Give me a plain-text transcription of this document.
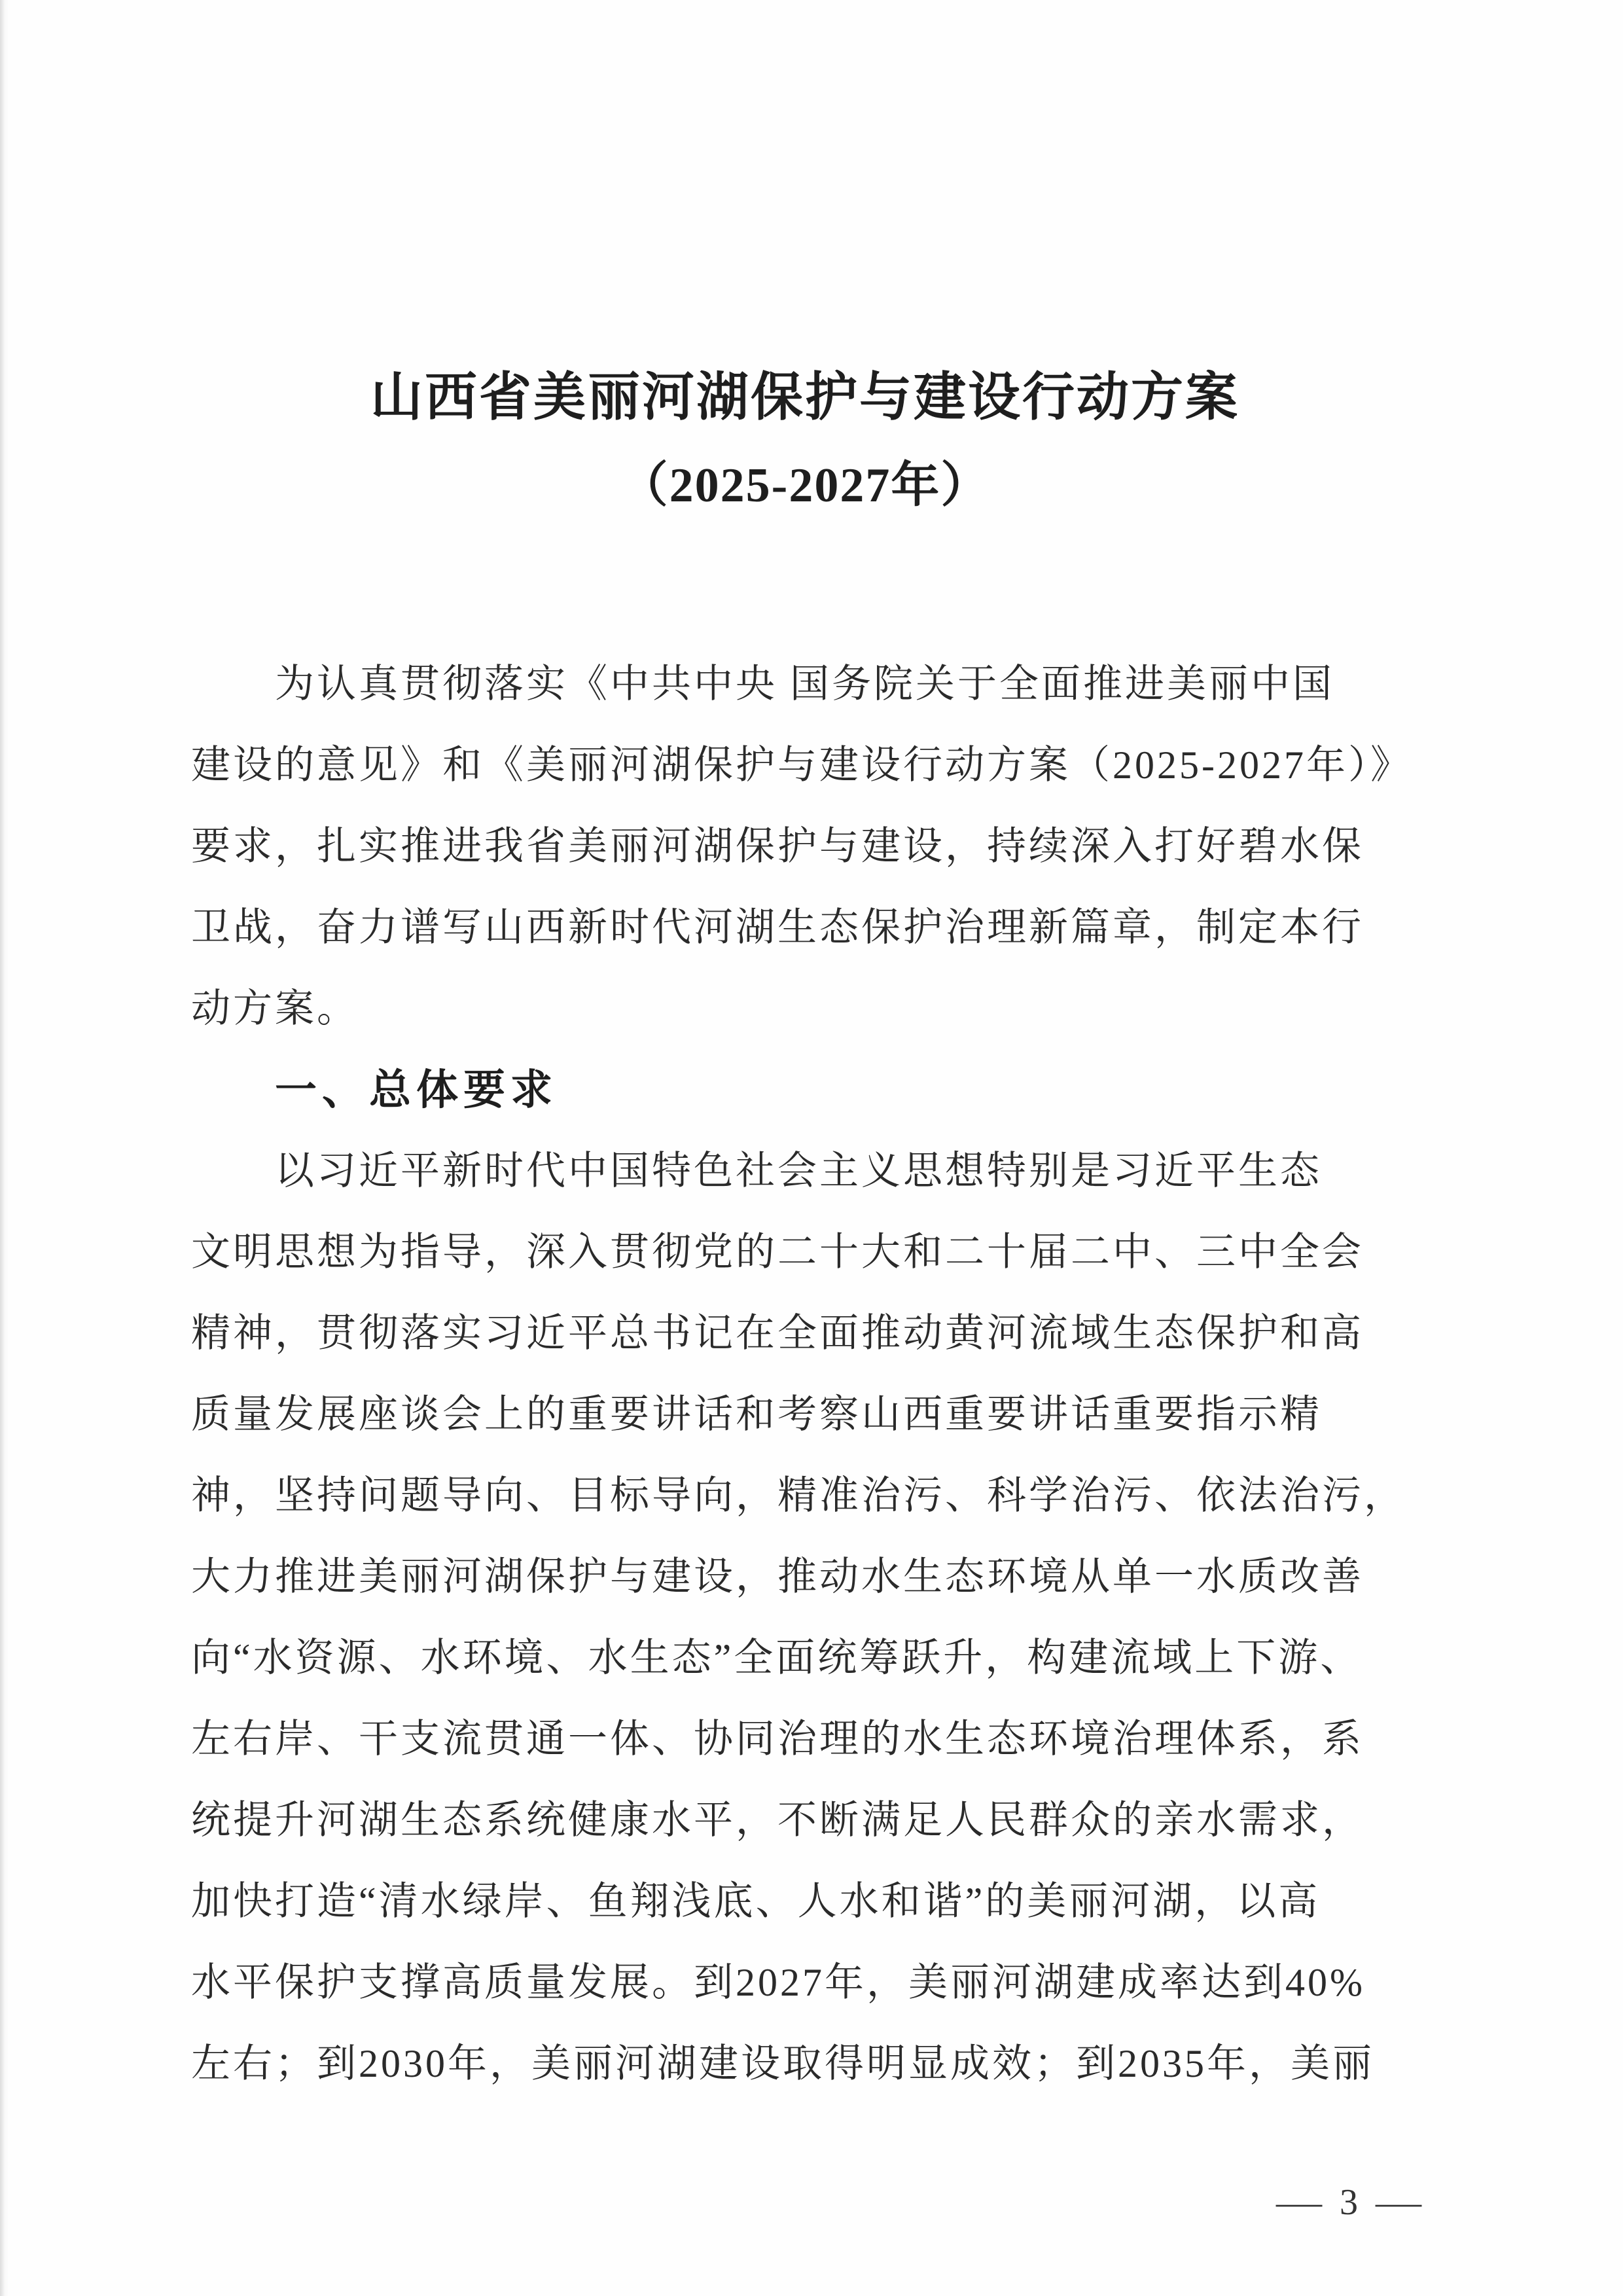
山西省美丽河湖保护与建设行动方案
（2025-2027年）
为认真贯彻落实《中共中央 国务院关于全面推进美丽中国
建设的意见》和《美丽河湖保护与建设行动方案（2025-2027年）》
要求，扎实推进我省美丽河湖保护与建设，持续深入打好碧水保
卫战，奋力谱写山西新时代河湖生态保护治理新篇章，制定本行
动方案。
一、总体要求
以习近平新时代中国特色社会主义思想特别是习近平生态
文明思想为指导，深入贯彻党的二十大和二十届二中、三中全会
精神，贯彻落实习近平总书记在全面推动黄河流域生态保护和高
质量发展座谈会上的重要讲话和考察山西重要讲话重要指示精
神，坚持问题导向、目标导向，精准治污、科学治污、依法治污，
大力推进美丽河湖保护与建设，推动水生态环境从单一水质改善
向“水资源、水环境、水生态”全面统筹跃升，构建流域上下游、
左右岸、干支流贯通一体、协同治理的水生态环境治理体系，系
统提升河湖生态系统健康水平，不断满足人民群众的亲水需求，
加快打造“清水绿岸、鱼翔浅底、人水和谐”的美丽河湖，以高
水平保护支撑高质量发展。到2027年，美丽河湖建成率达到40%
左右；到2030年，美丽河湖建设取得明显成效；到2035年，美丽
— 3 —
